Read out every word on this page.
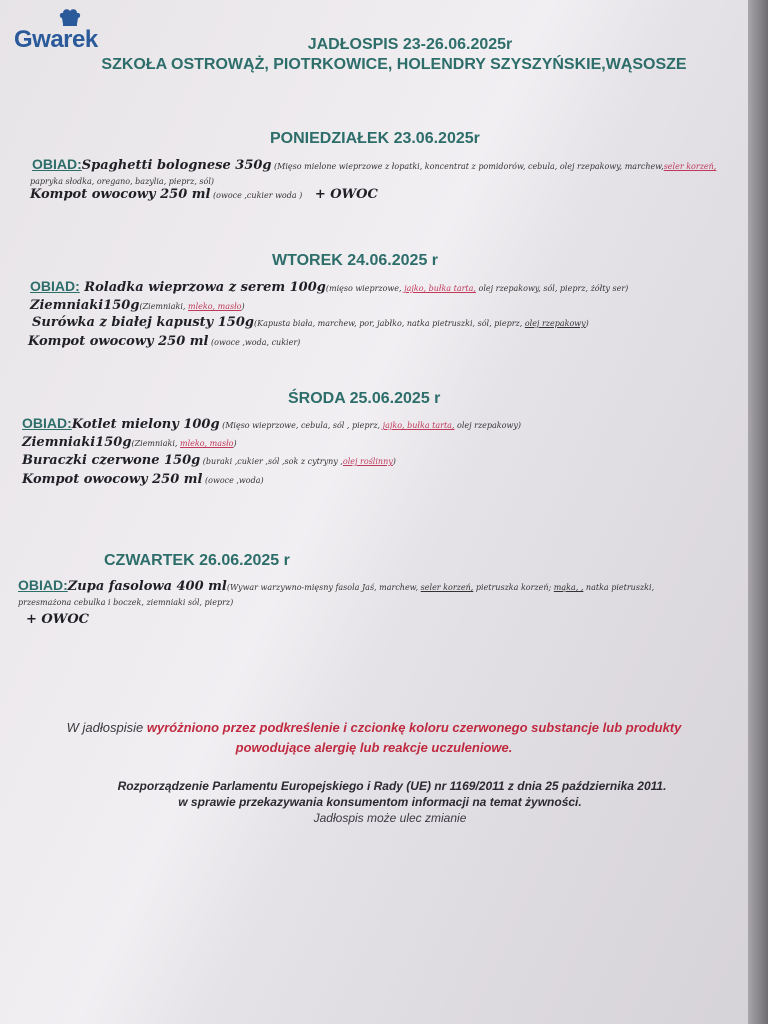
Gwarek	JADŁOSPIS 23-26.06.2025r
SZKOŁA OSTROWĄŻ, PIOTRKOWICE, HOLENDRY SZYSZYŃSKIE,WĄSOSZE
PONIEDZIAŁEK 23.06.2025r
OBIAD:Spaghetti bolognese 350g (Mięso mielone wieprzowe z łopatki, koncentrat z pomidorów, cebula, olej rzepakowy, marchew,seler korzeń,
papryka słodka, oregano, bazylia, pieprz, sól)
Kompot owocowy 250 ml (owoce ,cukier woda ) + OWOC
WTOREK 24.06.2025 r
OBIAD: Roladka wieprzowa z serem 100g(mięso wieprzowe, jajko, bułka tarta, olej rzepakowy, sól, pieprz, żółty ser)
Ziemniaki150g(Ziemniaki, mleko, masło)
Surówka z białej kapusty 150g(Kapusta biała, marchew, por, jabłko, natka pietruszki, sól, pieprz, olej rzepakowy)
Kompot owocowy 250 ml (owoce ,woda, cukier)
ŚRODA 25.06.2025 r
OBIAD:Kotlet mielony 100g (Mięso wieprzowe, cebula, sól , pieprz, jajko, bułka tarta, olej rzepakowy)
Ziemniaki150g(Ziemniaki, mleko, masło)
Buraczki czerwone 150g (buraki ,cukier ,sól ,sok z cytryny ,olej roślinny)
Kompot owocowy 250 ml (owoce ,woda)
CZWARTEK 26.06.2025 r
OBIAD:Zupa fasolowa 400 ml(Wywar warzywno-mięsny fasola Jaś, marchew, seler korzeń, pietruszka korzeń; mąka, , natka pietruszki,
przesmażona cebulka i boczek, ziemniaki sól, pieprz)
+ OWOC
W jadłospisie wyróżniono przez podkreślenie i czcionkę koloru czerwonego substancje lub produkty
powodujące alergię lub reakcje uczuleniowe.
Rozporządzenie Parlamentu Europejskiego i Rady (UE) nr 1169/2011 z dnia 25 października 2011.
w sprawie przekazywania konsumentom informacji na temat żywności.
Jadłospis może ulec zmianie
